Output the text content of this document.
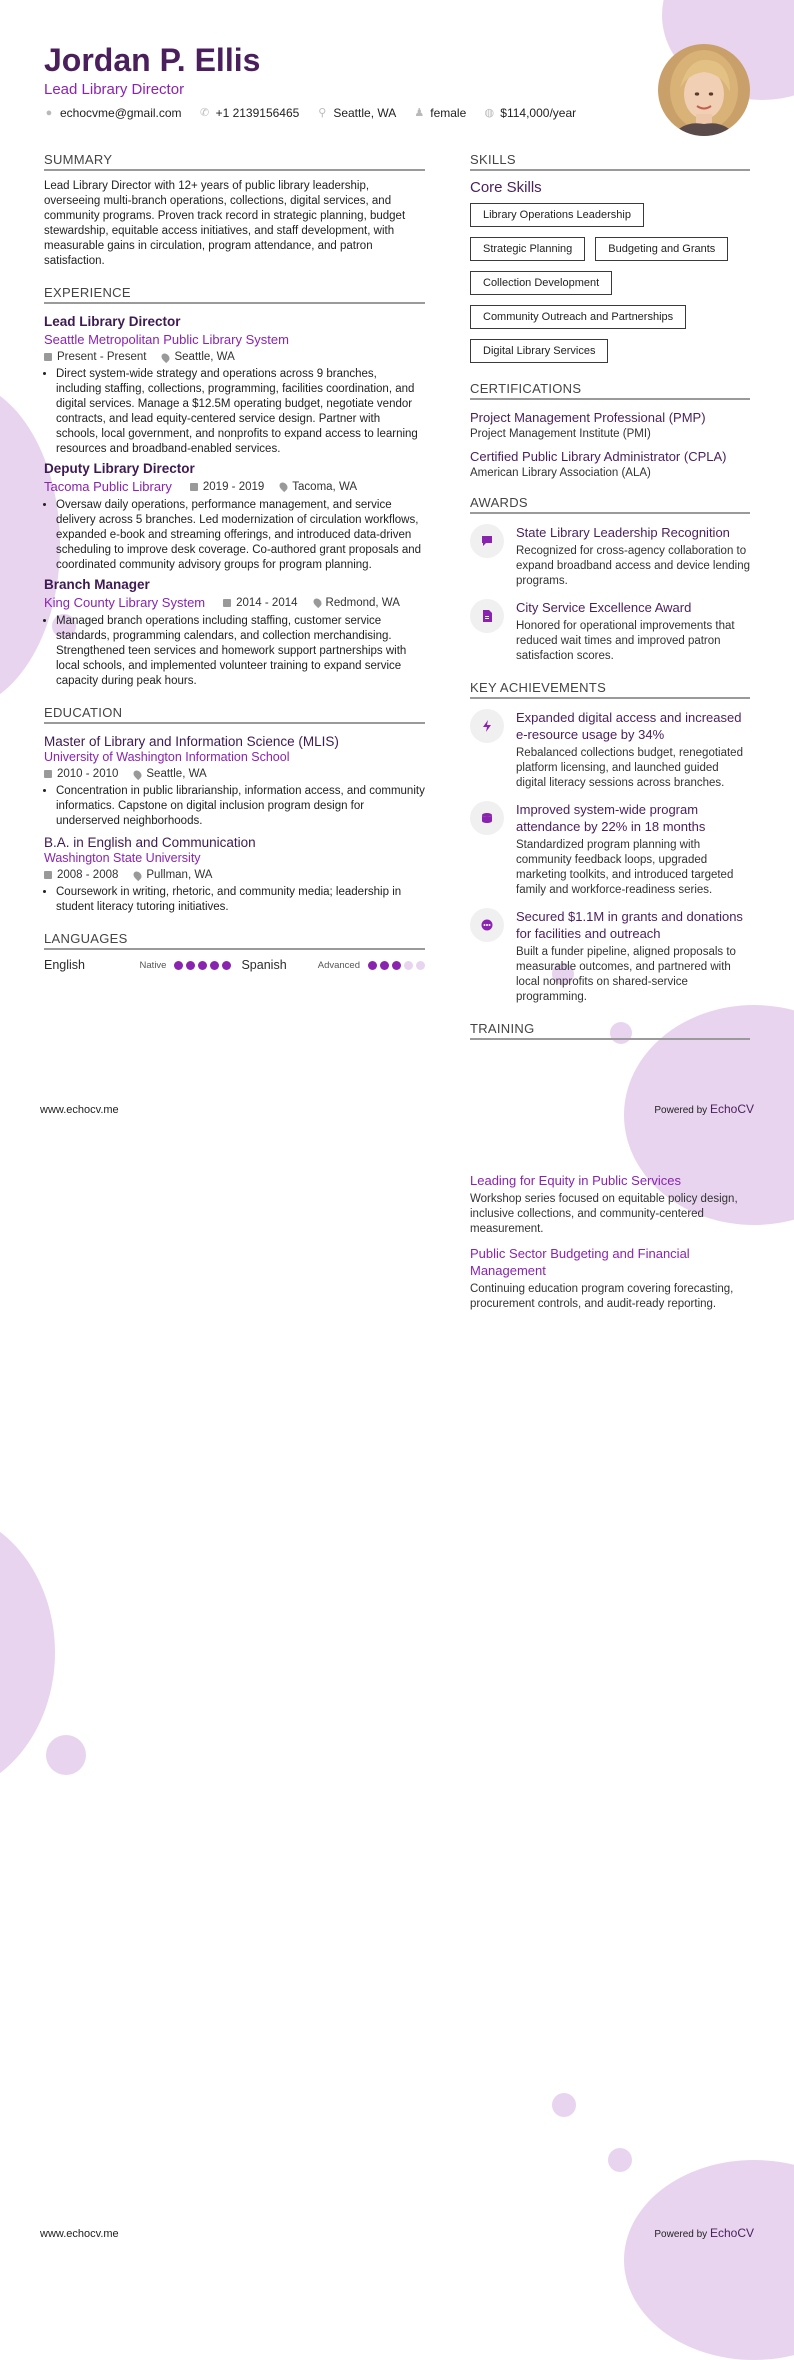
Jordan P. Ellis
Lead Library Director
● echocvme@gmail.com ✆ +1 2139156465 ⚲ Seattle, WA ♟ female ◍ $114,000/year
SUMMARY
Lead Library Director with 12+ years of public library leadership, overseeing multi-branch operations, collections, digital services, and community programs. Proven track record in strategic planning, budget stewardship, equitable access initiatives, and staff development, with measurable gains in circulation, program attendance, and patron satisfaction.
EXPERIENCE
Lead Library Director
Seattle Metropolitan Public Library System
Present - Present Seattle, WA
• Direct system-wide strategy and operations across 9 branches, including staffing, collections, programming, facilities coordination, and digital services. Manage a $12.5M operating budget, negotiate vendor contracts, and lead equity-centered service design. Partner with schools, local government, and nonprofits to expand access to learning resources and broadband-enabled services.
Deputy Library Director
Tacoma Public Library	2019 - 2019 Tacoma, WA
• Oversaw daily operations, performance management, and service delivery across 5 branches. Led modernization of circulation workflows, expanded e-book and streaming offerings, and introduced data-driven scheduling to improve desk coverage. Co-authored grant proposals and coordinated community advisory groups for program planning.
Branch Manager
King County Library System	2014 - 2014 Redmond, WA
• Managed branch operations including staffing, customer service standards, programming calendars, and collection merchandising. Strengthened teen services and homework support partnerships with local schools, and implemented volunteer training to expand service capacity during peak hours.
EDUCATION
Master of Library and Information Science (MLIS)
University of Washington Information School
2010 - 2010 Seattle, WA
• Concentration in public librarianship, information access, and community informatics. Capstone on digital inclusion program design for underserved neighborhoods.
B.A. in English and Communication
Washington State University
2008 - 2008 Pullman, WA
• Coursework in writing, rhetoric, and community media; leadership in student literacy tutoring initiatives.
LANGUAGES
English	Native	Spanish	Advanced
SKILLS
Core Skills
Library Operations Leadership
Strategic Planning	Budgeting and Grants
Collection Development
Community Outreach and Partnerships
Digital Library Services
CERTIFICATIONS
Project Management Professional (PMP)
Project Management Institute (PMI)
Certified Public Library Administrator (CPLA)
American Library Association (ALA)
AWARDS
State Library Leadership Recognition
Recognized for cross-agency collaboration to expand broadband access and device lending programs.
City Service Excellence Award
Honored for operational improvements that reduced wait times and improved patron satisfaction scores.
KEY ACHIEVEMENTS
Expanded digital access and increased e-resource usage by 34%
Rebalanced collections budget, renegotiated platform licensing, and launched guided digital literacy sessions across branches.
Improved system-wide program attendance by 22% in 18 months
Standardized program planning with community feedback loops, upgraded marketing toolkits, and introduced targeted family and workforce-readiness series.
Secured $1.1M in grants and donations for facilities and outreach
Built a funder pipeline, aligned proposals to measurable outcomes, and partnered with local nonprofits on shared-service programming.
TRAINING
www.echocv.me	Powered by EchoCV
Leading for Equity in Public Services
Workshop series focused on equitable policy design, inclusive collections, and community-centered measurement.
Public Sector Budgeting and Financial Management
Continuing education program covering forecasting, procurement controls, and audit-ready reporting.
www.echocv.me	Powered by EchoCV
